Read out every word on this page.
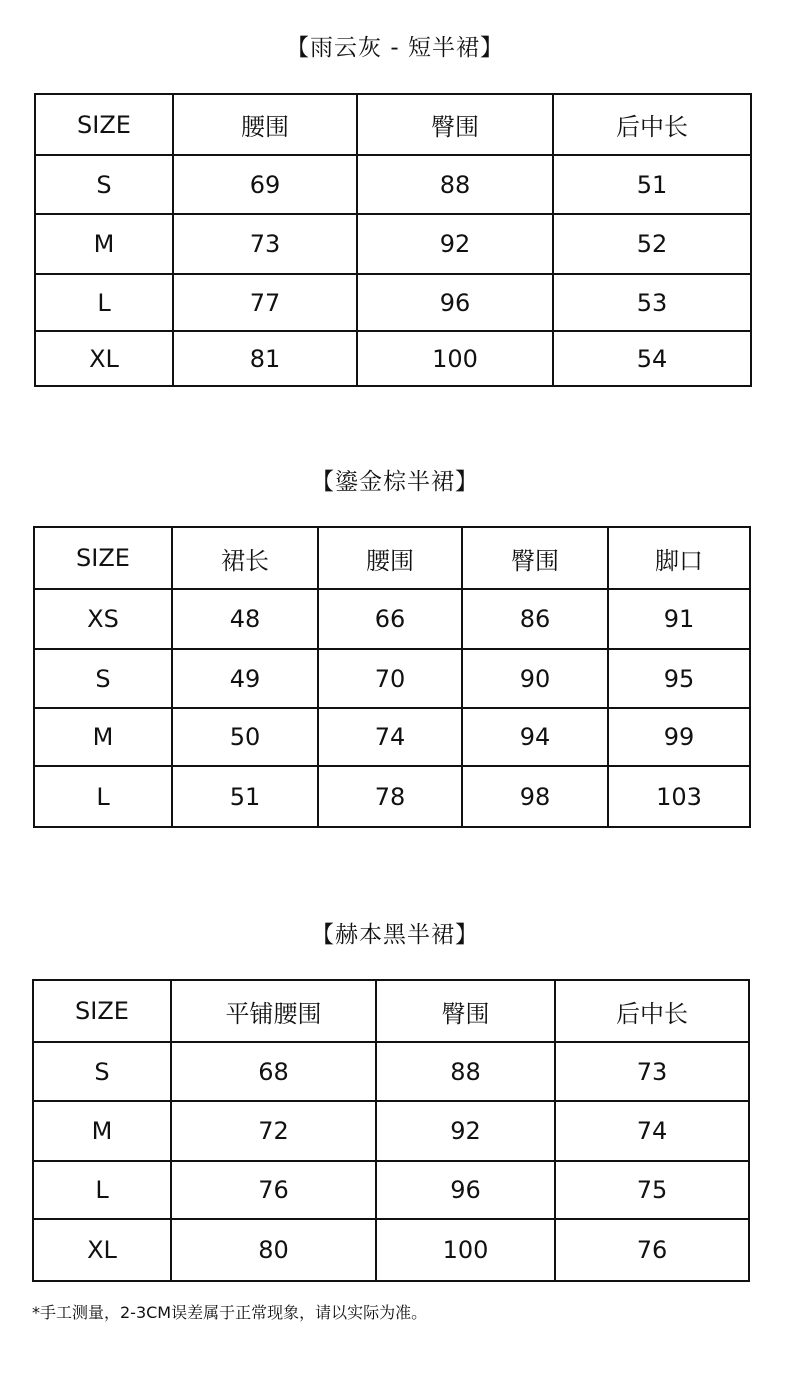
【雨云灰 - 短半裙】
SIZE	腰围	臀围	后中长
S	69	88	51
M	73	92	52
L	77	96	53
XL	81	100	54
【鎏金棕半裙】
SIZE	裙长	腰围	臀围	脚口
XS	48	66	86	91
S	49	70	90	95
M	50	74	94	99
L	51	78	98	103
【赫本黑半裙】
SIZE	平铺腰围	臀围	后中长
S	68	88	73
M	72	92	74
L	76	96	75
XL	80	100	76
*手工测量，2-3CM误差属于正常现象，请以实际为准。
